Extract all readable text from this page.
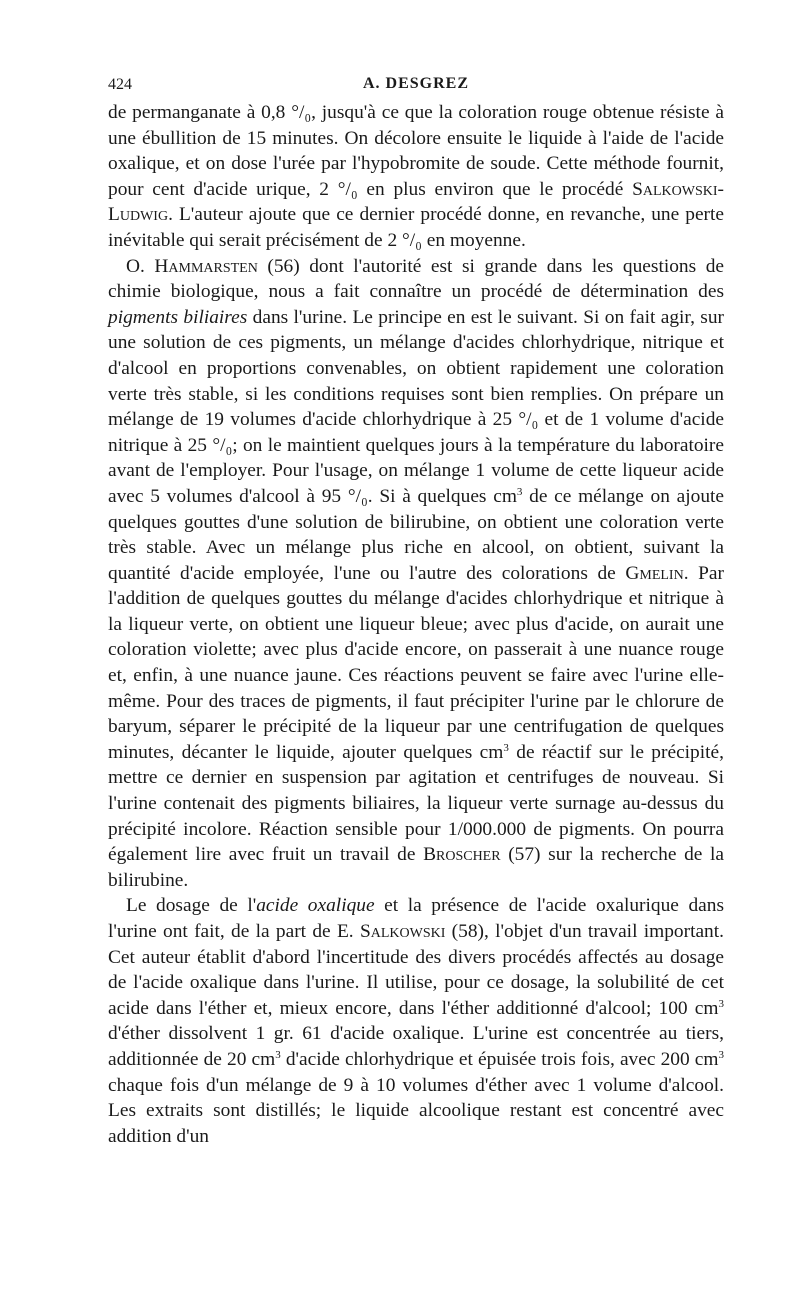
424	A. DESGREZ

de permanganate à 0,8 °/₀, jusqu'à ce que la coloration rouge obtenue résiste à une ébullition de 15 minutes. On décolore ensuite le liquide à l'aide de l'acide oxalique, et on dose l'urée par l'hypobromite de soude. Cette méthode fournit, pour cent d'acide urique, 2 °/₀ en plus environ que le procédé Salkowski-Ludwig. L'auteur ajoute que ce dernier procédé donne, en revanche, une perte inévitable qui serait précisément de 2 °/₀ en moyenne.

O. Hammarsten (56) dont l'autorité est si grande dans les questions de chimie biologique, nous a fait connaître un procédé de détermination des pigments biliaires dans l'urine. Le principe en est le suivant. Si on fait agir, sur une solution de ces pigments, un mélange d'acides chlorhydrique, nitrique et d'alcool en proportions convenables, on obtient rapidement une coloration verte très stable, si les conditions requises sont bien remplies. On prépare un mélange de 19 volumes d'acide chlorhydrique à 25 °/₀ et de 1 volume d'acide nitrique à 25 °/₀; on le maintient quelques jours à la température du laboratoire avant de l'employer. Pour l'usage, on mélange 1 volume de cette liqueur acide avec 5 volumes d'alcool à 95 °/₀. Si à quelques $cm^3$ de ce mélange on ajoute quelques gouttes d'une solution de bilirubine, on obtient une coloration verte très stable. Avec un mélange plus riche en alcool, on obtient, suivant la quantité d'acide employée, l'une ou l'autre des colorations de Gmelin. Par l'addition de quelques gouttes du mélange d'acides chlorhydrique et nitrique à la liqueur verte, on obtient une liqueur bleue; avec plus d'acide, on aurait une coloration violette; avec plus d'acide encore, on passerait à une nuance rouge et, enfin, à une nuance jaune. Ces réactions peuvent se faire avec l'urine elle-même. Pour des traces de pigments, il faut précipiter l'urine par le chlorure de baryum, séparer le précipité de la liqueur par une centrifugation de quelques minutes, décanter le liquide, ajouter quelques $cm^3$ de réactif sur le précipité, mettre ce dernier en suspension par agitation et centrifuges de nouveau. Si l'urine contenait des pigments biliaires, la liqueur verte surnage au-dessus du précipité incolore. Réaction sensible pour 1/000.000 de pigments. On pourra également lire avec fruit un travail de Broscher (57) sur la recherche de la bilirubine.

Le dosage de l'acide oxalique et la présence de l'acide oxalurique dans l'urine ont fait, de la part de E. Salkowski (58), l'objet d'un travail important. Cet auteur établit d'abord l'incertitude des divers procédés affectés au dosage de l'acide oxalique dans l'urine. Il utilise, pour ce dosage, la solubilité de cet acide dans l'éther et, mieux encore, dans l'éther additionné d'alcool; 100 $cm^3$ d'éther dissolvent 1 gr. 61 d'acide oxalique. L'urine est concentrée au tiers, additionnée de 20 $cm^3$ d'acide chlorhydrique et épuisée trois fois, avec 200 $cm^3$ chaque fois d'un mélange de 9 à 10 volumes d'éther avec 1 volume d'alcool. Les extraits sont distillés; le liquide alcoolique restant est concentré avec addition d'un
